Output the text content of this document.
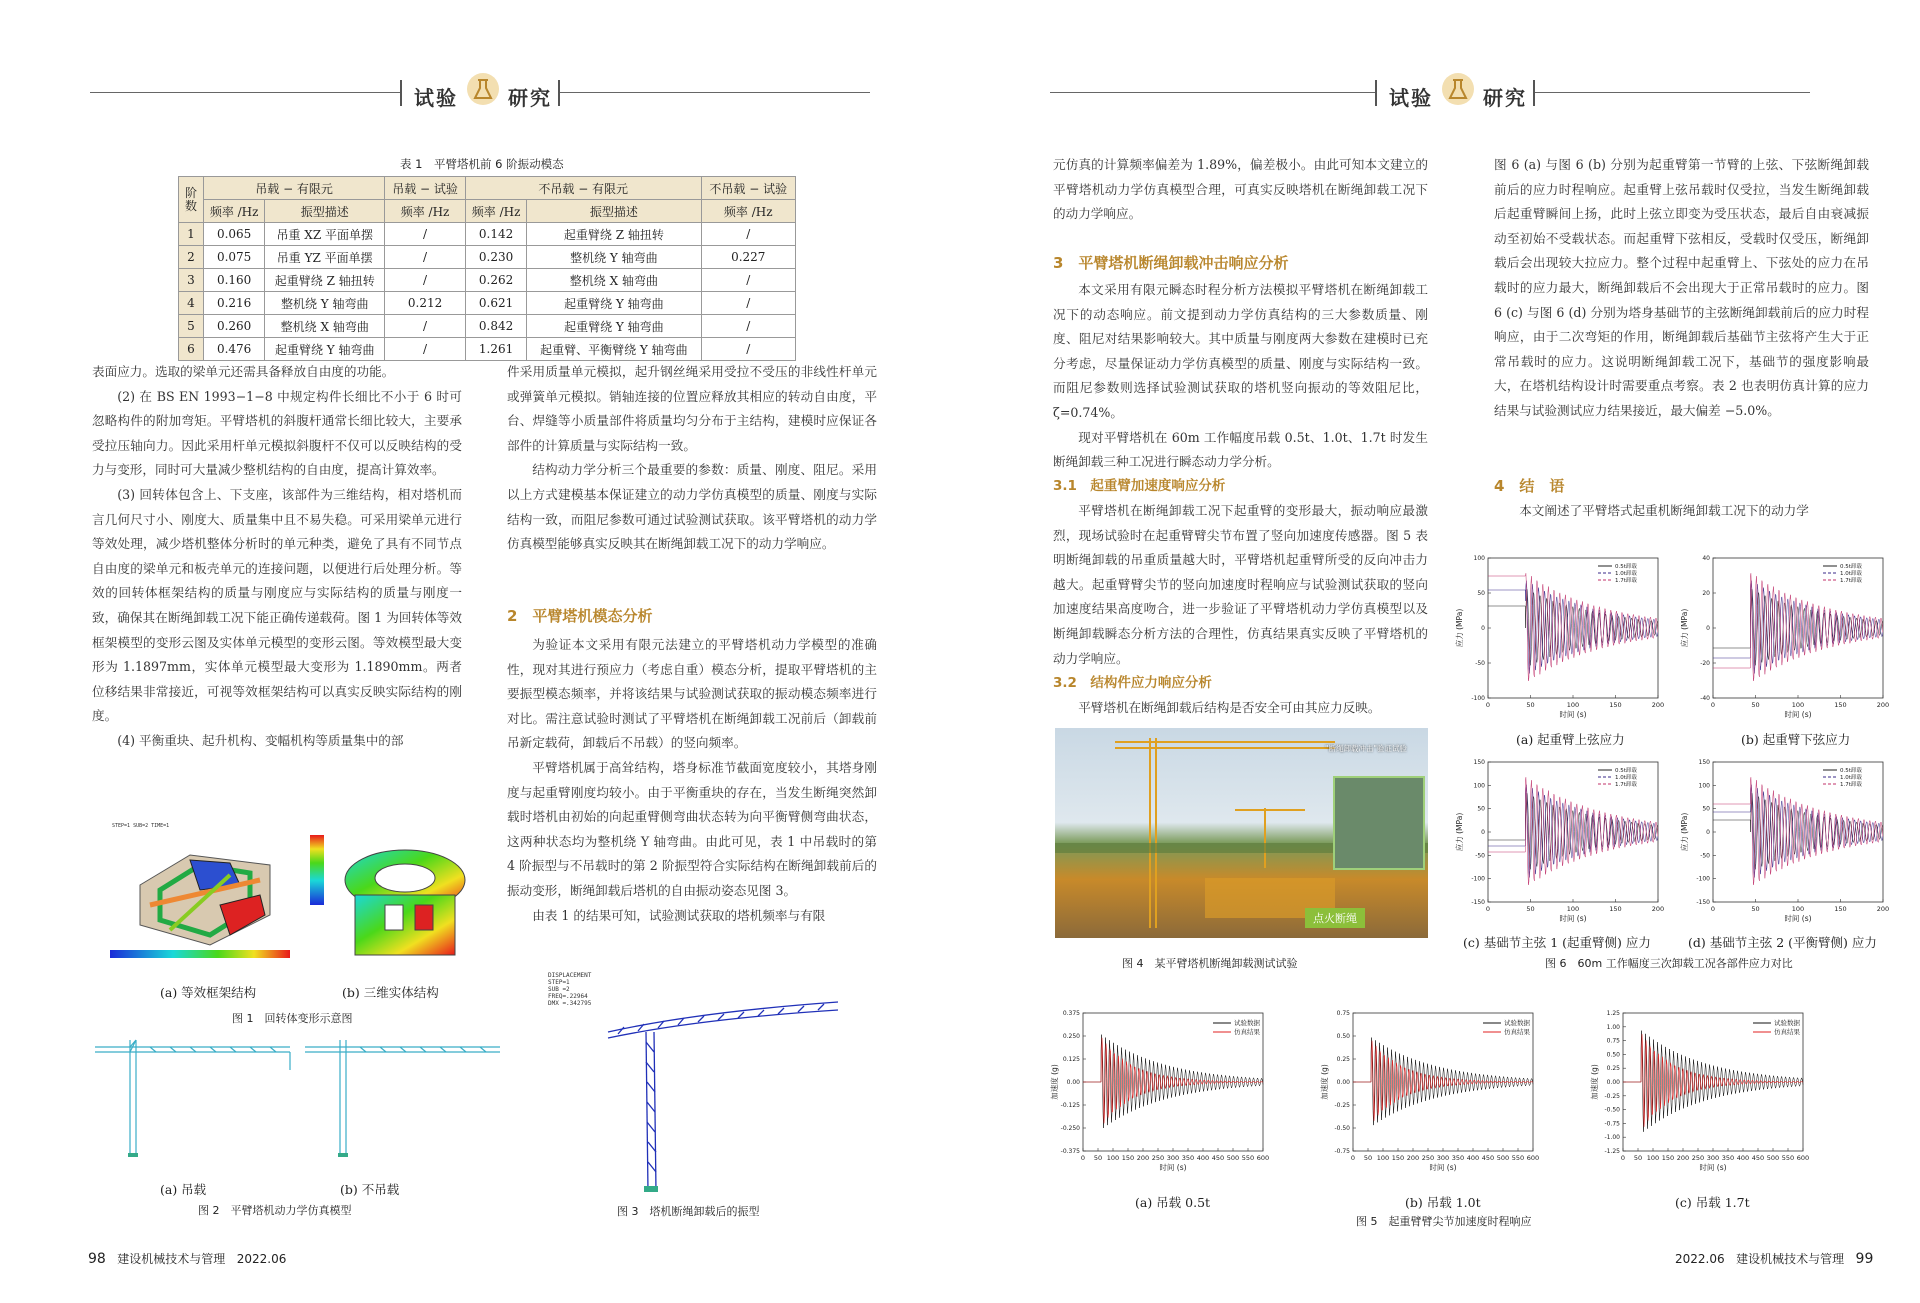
试验	研究
表 1　平臂塔机前 6 阶振动模态
阶数	吊载 − 有限元		吊载 − 试验	不吊载 − 有限元		不吊载 − 试验
	频率 /Hz	振型描述	频率 /Hz	频率 /Hz	振型描述	频率 /Hz
1	0.065	吊重 XZ 平面单摆	/	0.142	起重臂绕 Z 轴扭转	/
2	0.075	吊重 YZ 平面单摆	/	0.230	整机绕 Y 轴弯曲	0.227
3	0.160	起重臂绕 Z 轴扭转	/	0.262	整机绕 X 轴弯曲	/
4	0.216	整机绕 Y 轴弯曲	0.212	0.621	起重臂绕 Y 轴弯曲	/
5	0.260	整机绕 X 轴弯曲	/	0.842	起重臂绕 Y 轴弯曲	/
6	0.476	起重臂绕 Y 轴弯曲	/	1.261	起重臂、平衡臂绕 Y 轴弯曲	/

表面应力。选取的梁单元还需具备释放自由度的功能。

(2) 在 BS EN 1993−1−8 中规定构件长细比不小于 6 时可忽略构件的附加弯矩。平臂塔机的斜腹杆通常长细比较大，主要承受拉压轴向力。因此采用杆单元模拟斜腹杆不仅可以反映结构的受力与变形，同时可大量减少整机结构的自由度，提高计算效率。

(3) 回转体包含上、下支座，该部件为三维结构，相对塔机而言几何尺寸小、刚度大、质量集中且不易失稳。可采用梁单元进行等效处理，减少塔机整体分析时的单元种类，避免了具有不同节点自由度的梁单元和板壳单元的连接问题，以便进行后处理分析。等效的回转体框架结构的质量与刚度应与实际结构的质量与刚度一致，确保其在断绳卸载工况下能正确传递载荷。图 1 为回转体等效框架模型的变形云图及实体单元模型的变形云图。等效模型最大变形为 1.1897mm，实体单元模型最大变形为 1.1890mm。两者位移结果非常接近，可视等效框架结构可以真实反映实际结构的刚度。

(4) 平衡重块、起升机构、变幅机构等质量集中的部

件采用质量单元模拟，起升钢丝绳采用受拉不受压的非线性杆单元或弹簧单元模拟。销轴连接的位置应释放其相应的转动自由度，平台、焊缝等小质量部件将质量均匀分布于主结构，建模时应保证各部件的计算质量与实际结构一致。

结构动力学分析三个最重要的参数：质量、刚度、阻尼。采用以上方式建模基本保证建立的动力学仿真模型的质量、刚度与实际结构一致，而阻尼参数可通过试验测试获取。该平臂塔机的动力学仿真模型能够真实反映其在断绳卸载工况下的动力学响应。

2　平臂塔机模态分析

为验证本文采用有限元法建立的平臂塔机动力学模型的准确性，现对其进行预应力（考虑自重）模态分析，提取平臂塔机的主要振型模态频率，并将该结果与试验测试获取的振动模态频率进行对比。需注意试验时测试了平臂塔机在断绳卸载工况前后（卸载前吊新定载荷，卸载后不吊载）的竖向频率。

平臂塔机属于高耸结构，塔身标准节截面宽度较小，其塔身刚度与起重臂刚度均较小。由于平衡重块的存在，当发生断绳突然卸载时塔机由初始的向起重臂侧弯曲状态转为向平衡臂侧弯曲状态，这两种状态均为整机绕 Y 轴弯曲。由此可见，表 1 中吊载时的第 4 阶振型与不吊载时的第 2 阶振型符合实际结构在断绳卸载前后的振动变形，断绳卸载后塔机的自由振动姿态见图 3。

由表 1 的结果可知，试验测试获取的塔机频率与有限

STEP=1 SUB=2 TIME=1
(a) 等效框架结构	(b) 三维实体结构
图 1　回转体变形示意图
(a) 吊载	(b) 不吊载
图 2　平臂塔机动力学仿真模型
DISPLACEMENT
STEP=1
SUB =2
FREQ=.22964
DMX =.342795
图 3　塔机断绳卸载后的振型
98 建设机械技术与管理 2022.06
试验	研究

元仿真的计算频率偏差为 1.89%，偏差极小。由此可知本文建立的平臂塔机动力学仿真模型合理，可真实反映塔机在断绳卸载工况下的动力学响应。

3　平臂塔机断绳卸载冲击响应分析

本文采用有限元瞬态时程分析方法模拟平臂塔机在断绳卸载工况下的动态响应。前文提到动力学仿真结构的三大参数质量、刚度、阻尼对结果影响较大。其中质量与刚度两大参数在建模时已充分考虑，尽量保证动力学仿真模型的质量、刚度与实际结构一致。而阻尼参数则选择试验测试获取的塔机竖向振动的等效阻尼比，ζ=0.74%。

现对平臂塔机在 60m 工作幅度吊载 0.5t、1.0t、1.7t 时发生断绳卸载三种工况进行瞬态动力学分析。

3.1　起重臂加速度响应分析

平臂塔机在断绳卸载工况下起重臂的变形最大，振动响应最激烈，现场试验时在起重臂臂尖节布置了竖向加速度传感器。图 5 表明断绳卸载的吊重质量越大时，平臂塔机起重臂所受的反向冲击力越大。起重臂臂尖节的竖向加速度时程响应与试验测试获取的竖向加速度结果高度吻合，进一步验证了平臂塔机动力学仿真模型以及断绳卸载瞬态分析方法的合理性，仿真结果真实反映了平臂塔机的动力学响应。

3.2　结构件应力响应分析

平臂塔机在断绳卸载后结构是否安全可由其应力反映。

"断绳卸载冲击"验证试验
点火断绳
图 4　某平臂塔机断绳卸载测试试验

图 6 (a) 与图 6 (b) 分别为起重臂第一节臂的上弦、下弦断绳卸载前后的应力时程响应。起重臂上弦吊载时仅受拉，当发生断绳卸载后起重臂瞬间上扬，此时上弦立即变为受压状态，最后自由衰减振动至初始不受载状态。而起重臂下弦相反，受载时仅受压，断绳卸载后会出现较大拉应力。整个过程中起重臂上、下弦处的应力在吊载时的应力最大，断绳卸载后不会出现大于正常吊载时的应力。图 6 (c) 与图 6 (d) 分别为塔身基础节的主弦断绳卸载前后的应力时程响应，由于二次弯矩的作用，断绳卸载后基础节主弦将产生大于正常吊载时的应力。这说明断绳卸载工况下，基础节的强度影响最大，在塔机结构设计时需要重点考察。表 2 也表明仿真计算的应力结果与试验测试应力结果接近，最大偏差 −5.0%。

4　结　语

本文阐述了平臂塔式起重机断绳卸载工况下的动力学

0	50	100	150	200
100
50
0
-50
-100
时间 (s)
应力 (MPa)
0.5t卸载
1.0t卸载
1.7t卸载
0	50	100	150	200
40
20
0
-20
-40
时间 (s)
应力 (MPa)
0.5t卸载
1.0t卸载
1.7t卸载
(a) 起重臂上弦应力	(b) 起重臂下弦应力
0	50	100	150	200
150
100
50
0
-50
-100
-150
时间 (s)
应力 (MPa)
0.5t卸载
1.0t卸载
1.7t卸载
0	50	100	150	200
150
100
50
0
-50
-100
-150
时间 (s)
应力 (MPa)
0.5t卸载
1.0t卸载
1.7t卸载
(c) 基础节主弦 1 (起重臂侧) 应力	(d) 基础节主弦 2 (平衡臂侧) 应力
图 6　60m 工作幅度三次卸载工况各部件应力对比
0 50 100 150 200 250 300 350 400 450 500 550 600
0.375
0.250
0.125
0.00
-0.125
-0.250
-0.375
时间 (s)
加速度 (g)
试验数据
仿真结果
0 50 100 150 200 250 300 350 400 450 500 550 600
0.75
0.50
0.25
0.00
-0.25
-0.50
-0.75
时间 (s)
加速度 (g)
试验数据
仿真结果
0 50 100 150 200 250 300 350 400 450 500 550 600
1.25
1.00
0.75
0.50
0.25
0.00
-0.25
-0.50
-0.75
-1.00
-1.25
时间 (s)
加速度 (g)
试验数据
仿真结果
(a) 吊载 0.5t	(b) 吊载 1.0t	(c) 吊载 1.7t
图 5　起重臂臂尖节加速度时程响应
2022.06 建设机械技术与管理 99
